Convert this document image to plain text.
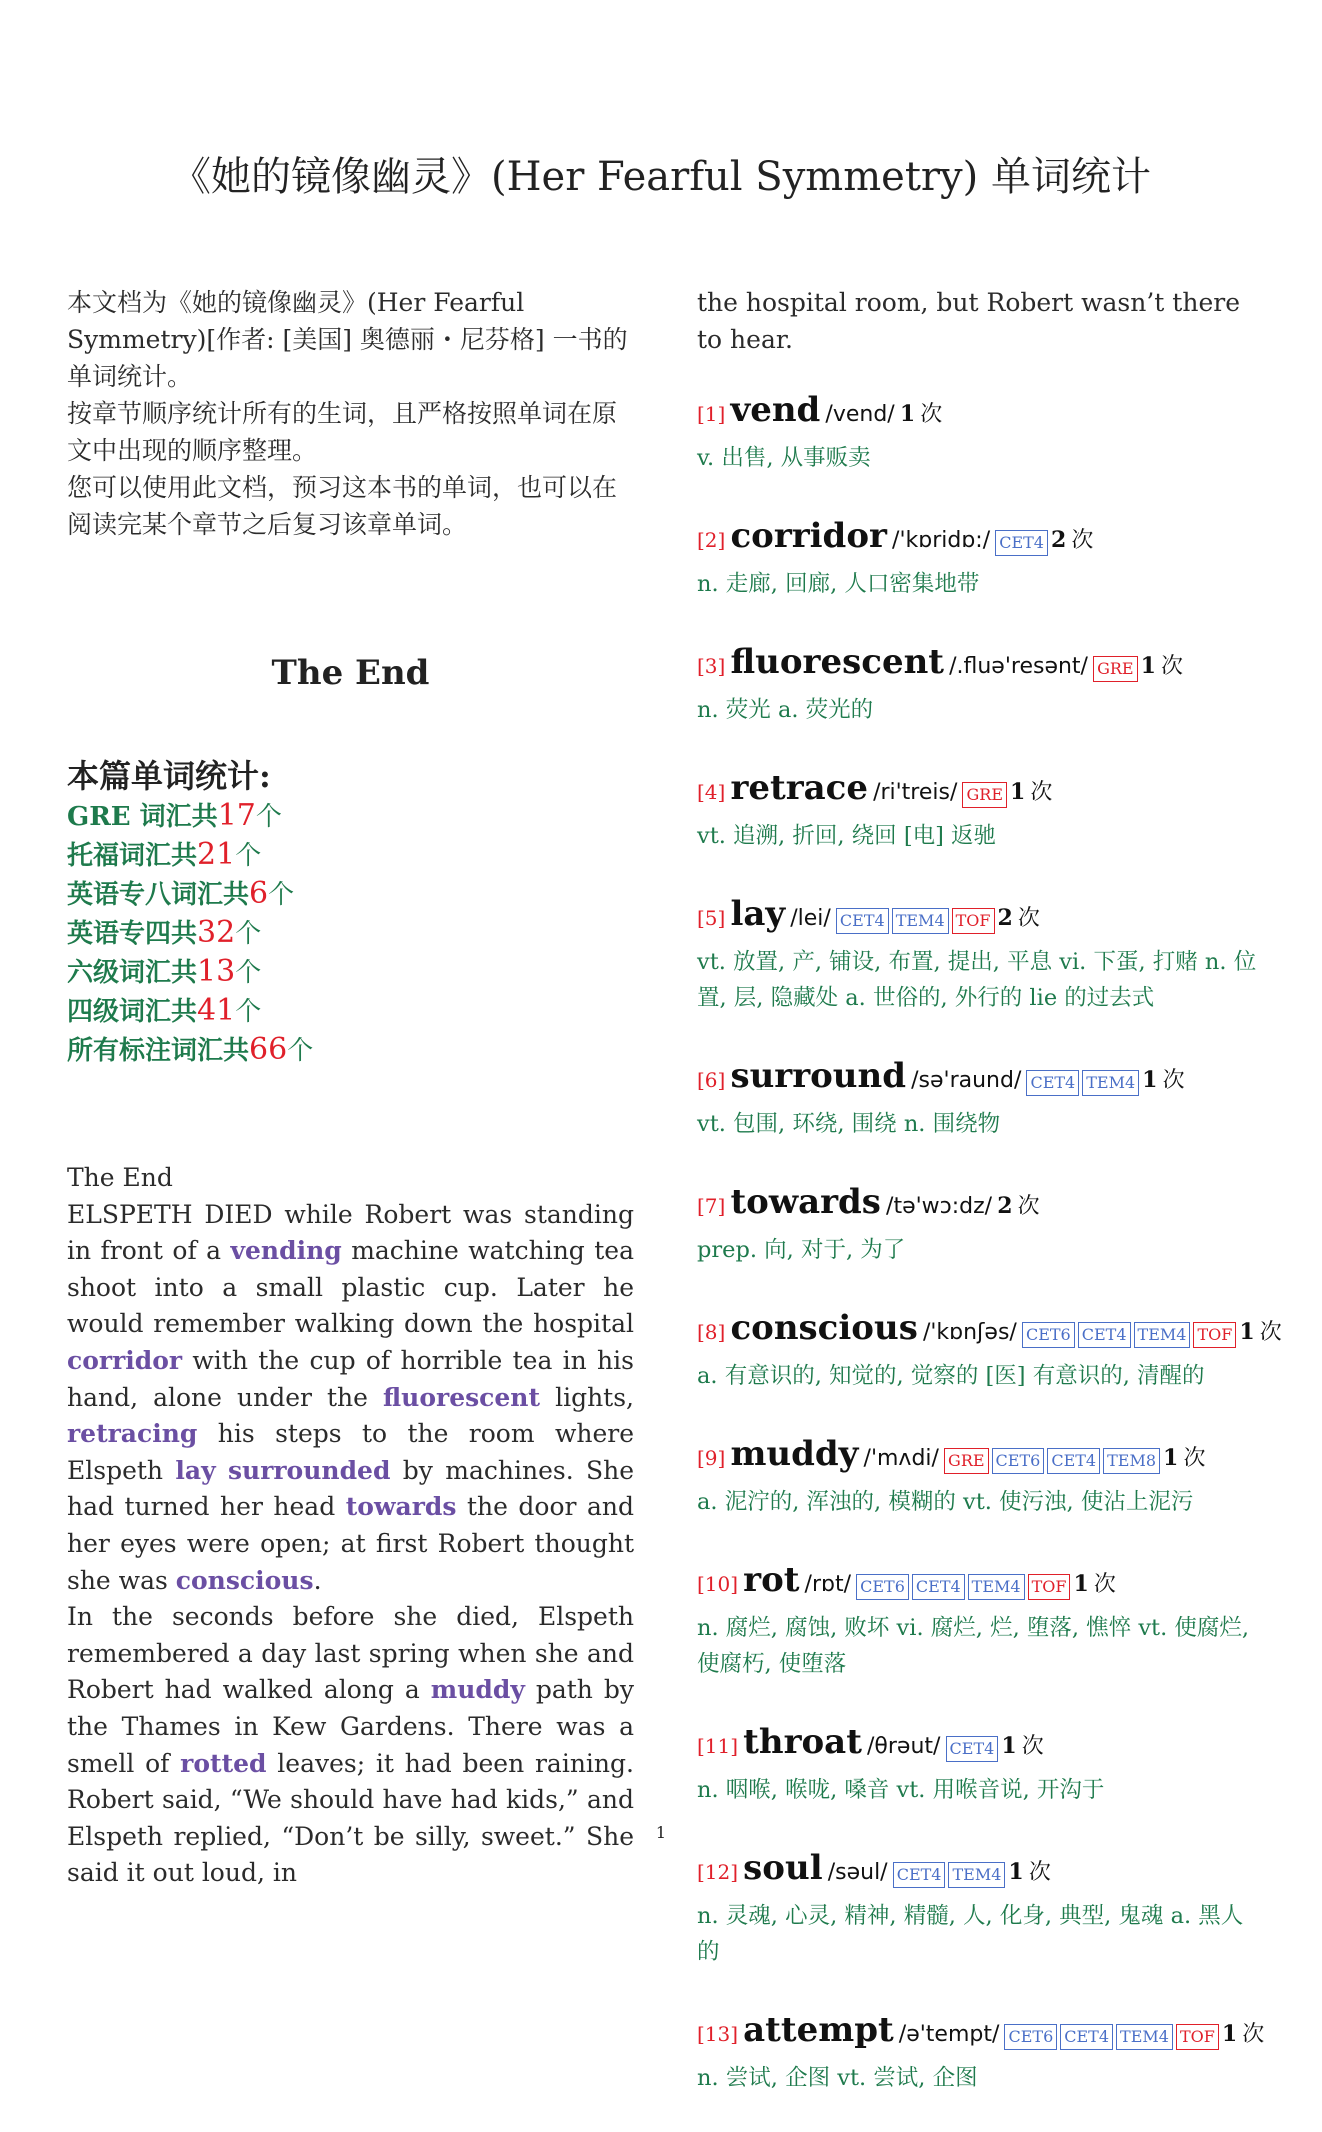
《她的镜像幽灵》(Her Fearful Symmetry) 单词统计

本文档为《她的镜像幽灵》(Her Fearful Symmetry)[作者: [美国] 奥德丽・尼芬格] 一书的单词统计。

按章节顺序统计所有的生词，且严格按照单词在原文中出现的顺序整理。

您可以使用此文档，预习这本书的单词，也可以在阅读完某个章节之后复习该章单词。

The End
本篇单词统计:
GRE 词汇共17个
托福词汇共21个
英语专八词汇共6个
英语专四共32个
六级词汇共13个
四级词汇共41个
所有标注词汇共66个

The End

ELSPETH DIED while Robert was standing in front of a vending machine watching tea shoot into a small plastic cup. Later he would remember walking down the hospital corridor with the cup of horrible tea in his hand, alone under the fluorescent lights, retracing his steps to the room where Elspeth lay surrounded by machines. She had turned her head towards the door and her eyes were open; at first Robert thought she was conscious.

In the seconds before she died, Elspeth remembered a day last spring when she and Robert had walked along a muddy path by the Thames in Kew Gardens. There was a smell of rotted leaves; it had been raining. Robert said, “We should have had kids,” and Elspeth replied, “Don’t be silly, sweet.” She said it out loud, in

the hospital room, but Robert wasn’t there to hear.

[1] vend /vend/ 1 次
v. 出售, 从事贩卖
[2] corridor /'kɒridɒ:/ CET4 2 次
n. 走廊, 回廊, 人口密集地带
[3] fluorescent /.fluə'resənt/ GRE 1 次
n. 荧光 a. 荧光的
[4] retrace /ri'treis/ GRE 1 次
vt. 追溯, 折回, 绕回 [电] 返驰
[5] lay /lei/ CET4 TEM4 TOF 2 次
vt. 放置, 产, 铺设, 布置, 提出, 平息 vi. 下蛋, 打赌 n. 位置, 层, 隐藏处 a. 世俗的, 外行的 lie 的过去式
[6] surround /sə'raund/ CET4 TEM4 1 次
vt. 包围, 环绕, 围绕 n. 围绕物
[7] towards /tə'wɔ:dz/ 2 次
prep. 向, 对于, 为了
[8] conscious /'kɒnʃəs/ CET6 CET4 TEM4 TOF 1 次
a. 有意识的, 知觉的, 觉察的 [医] 有意识的, 清醒的
[9] muddy /'mʌdi/ GRE CET6 CET4 TEM8 1 次
a. 泥泞的, 浑浊的, 模糊的 vt. 使污浊, 使沾上泥污
[10] rot /rɒt/ CET6 CET4 TEM4 TOF 1 次
n. 腐烂, 腐蚀, 败坏 vi. 腐烂, 烂, 堕落, 憔悴 vt. 使腐烂, 使腐朽, 使堕落
[11] throat /θrəut/ CET4 1 次
n. 咽喉, 喉咙, 嗓音 vt. 用喉音说, 开沟于
[12] soul /səul/ CET4 TEM4 1 次
n. 灵魂, 心灵, 精神, 精髓, 人, 化身, 典型, 鬼魂 a. 黑人的
[13] attempt /ə'tempt/ CET6 CET4 TEM4 TOF 1 次
n. 尝试, 企图 vt. 尝试, 企图
1
